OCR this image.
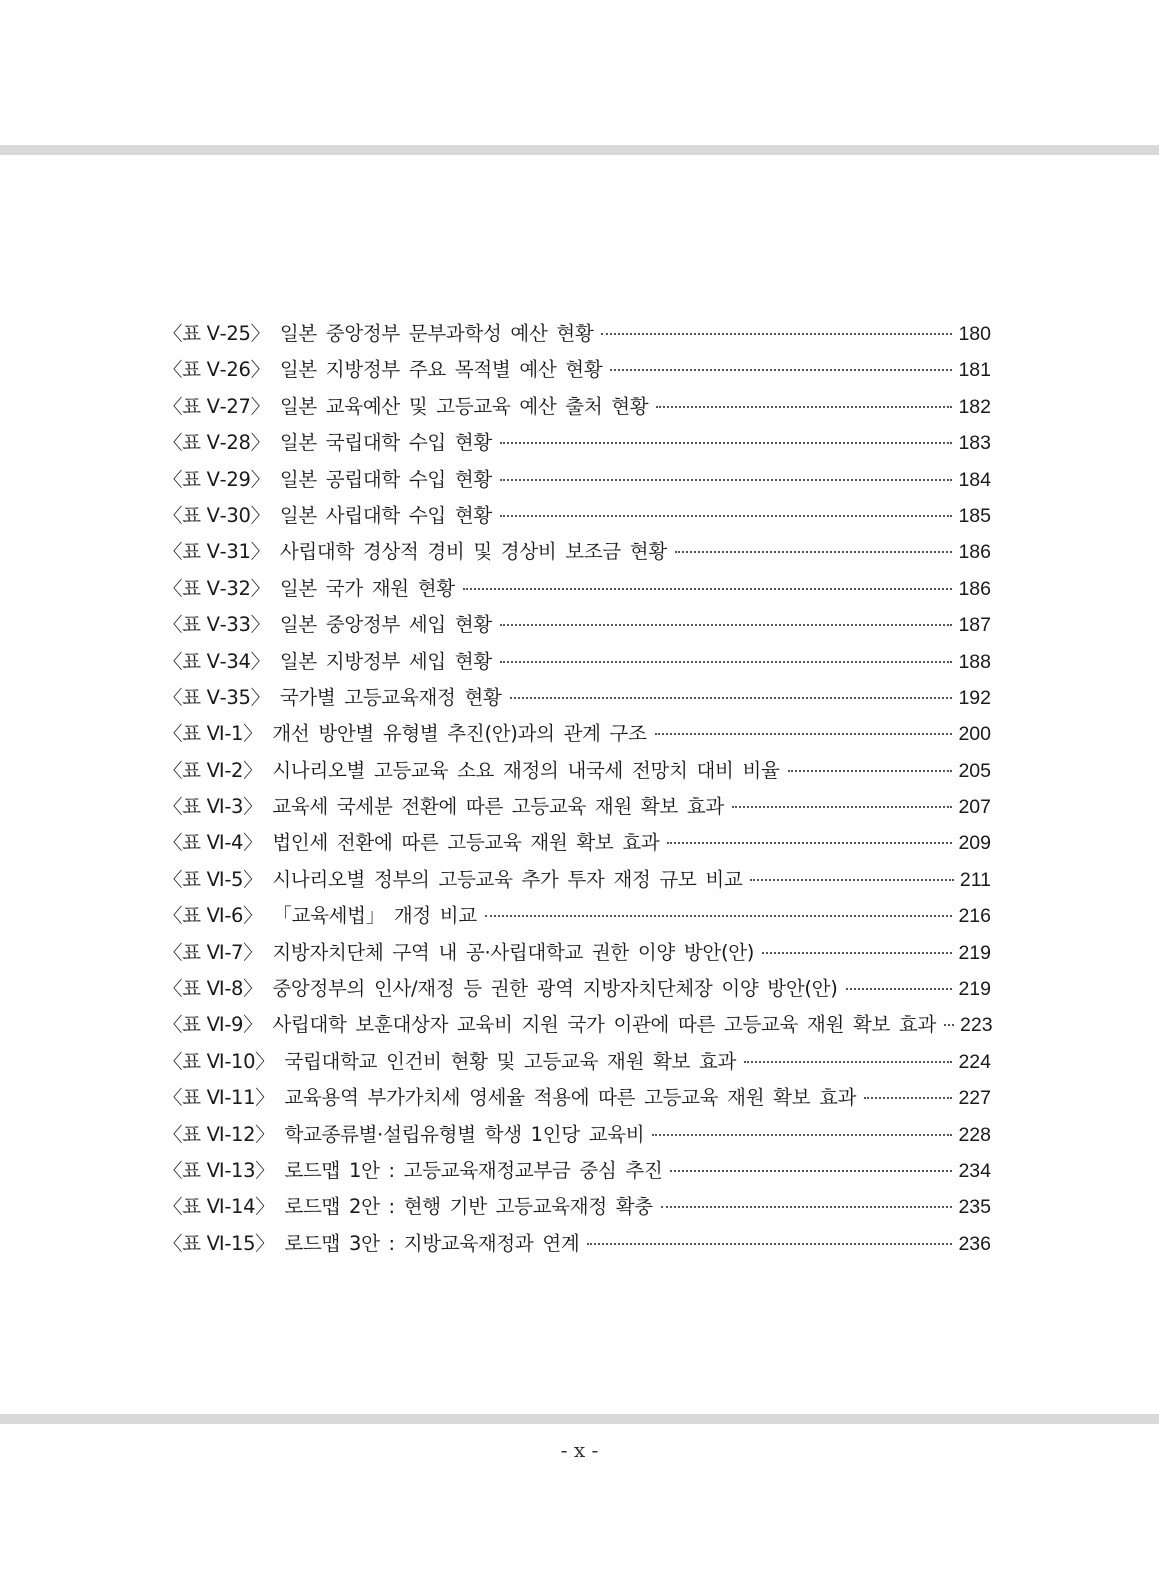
〈표 Ⅴ-25〉 일본 중앙정부 문부과학성 예산 현황	180
〈표 Ⅴ-26〉 일본 지방정부 주요 목적별 예산 현황	181
〈표 Ⅴ-27〉 일본 교육예산 및 고등교육 예산 출처 현황	182
〈표 Ⅴ-28〉 일본 국립대학 수입 현황	183
〈표 Ⅴ-29〉 일본 공립대학 수입 현황	184
〈표 Ⅴ-30〉 일본 사립대학 수입 현황	185
〈표 Ⅴ-31〉 사립대학 경상적 경비 및 경상비 보조금 현황	186
〈표 Ⅴ-32〉 일본 국가 재원 현황	186
〈표 Ⅴ-33〉 일본 중앙정부 세입 현황	187
〈표 Ⅴ-34〉 일본 지방정부 세입 현황	188
〈표 Ⅴ-35〉 국가별 고등교육재정 현황	192
〈표 Ⅵ-1〉 개선 방안별 유형별 추진(안)과의 관계 구조	200
〈표 Ⅵ-2〉 시나리오별 고등교육 소요 재정의 내국세 전망치 대비 비율	205
〈표 Ⅵ-3〉 교육세 국세분 전환에 따른 고등교육 재원 확보 효과	207
〈표 Ⅵ-4〉 법인세 전환에 따른 고등교육 재원 확보 효과	209
〈표 Ⅵ-5〉 시나리오별 정부의 고등교육 추가 투자 재정 규모 비교	211
〈표 Ⅵ-6〉 「교육세법」 개정 비교	216
〈표 Ⅵ-7〉 지방자치단체 구역 내 공·사립대학교 권한 이양 방안(안)	219
〈표 Ⅵ-8〉 중앙정부의 인사/재정 등 권한 광역 지방자치단체장 이양 방안(안)	219
〈표 Ⅵ-9〉 사립대학 보훈대상자 교육비 지원 국가 이관에 따른 고등교육 재원 확보 효과 223
〈표 Ⅵ-10〉 국립대학교 인건비 현황 및 고등교육 재원 확보 효과	224
〈표 Ⅵ-11〉 교육용역 부가가치세 영세율 적용에 따른 고등교육 재원 확보 효과	227
〈표 Ⅵ-12〉 학교종류별·설립유형별 학생 1인당 교육비	228
〈표 Ⅵ-13〉 로드맵 1안 : 고등교육재정교부금 중심 추진	234
〈표 Ⅵ-14〉 로드맵 2안 : 현행 기반 고등교육재정 확충	235
〈표 Ⅵ-15〉 로드맵 3안 : 지방교육재정과 연계	236
- x -
